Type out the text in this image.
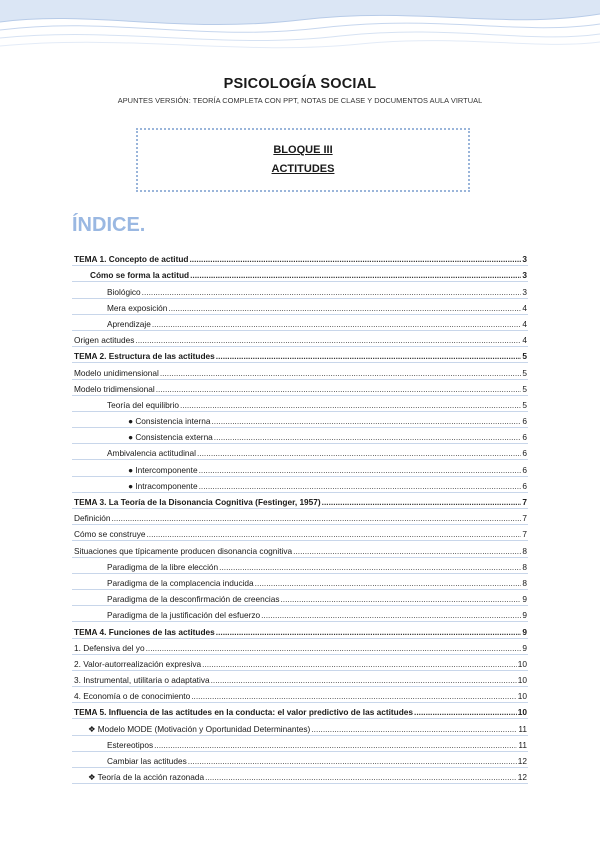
PSICOLOGÍA SOCIAL
APUNTES VERSIÓN: TEORÍA COMPLETA CON PPT, NOTAS DE CLASE Y DOCUMENTOS AULA VIRTUAL
BLOQUE III
ACTITUDES
ÍNDICE.
TEMA 1. Concepto de actitud .....	3
Cómo se forma la actitud .....	3
Biológico .....	3
Mera exposición .....	4
Aprendizaje .....	4
Origen actitudes .....	4
TEMA 2. Estructura de las actitudes .....	5
Modelo unidimensional .....	5
Modelo tridimensional .....	5
Teoría del equilibrio .....	5
● Consistencia interna .....	6
● Consistencia externa .....	6
Ambivalencia actitudinal .....	6
● Intercomponente .....	6
● Intracomponente .....	6
TEMA 3. La Teoría de la Disonancia Cognitiva (Festinger, 1957) .....	7
Definición .....	7
Cómo se construye .....	7
Situaciones que típicamente producen disonancia cognitiva .....	8
Paradigma de la libre elección .....	8
Paradigma de la complacencia inducida .....	8
Paradigma de la desconfirmación de creencias .....	9
Paradigma de la justificación del esfuerzo .....	9
TEMA 4. Funciones de las actitudes .....	9
1. Defensiva del yo .....	9
2. Valor-autorrealización expresiva .....	10
3. Instrumental, utilitaria o adaptativa .....	10
4. Economía o de conocimiento .....	10
TEMA 5. Influencia de las actitudes en la conducta: el valor predictivo de las actitudes .....	10
❖ Modelo MODE (Motivación y Oportunidad Determinantes) .....	11
Estereotipos .....	11
Cambiar las actitudes .....	12
❖ Teoría de la acción razonada .....	12
